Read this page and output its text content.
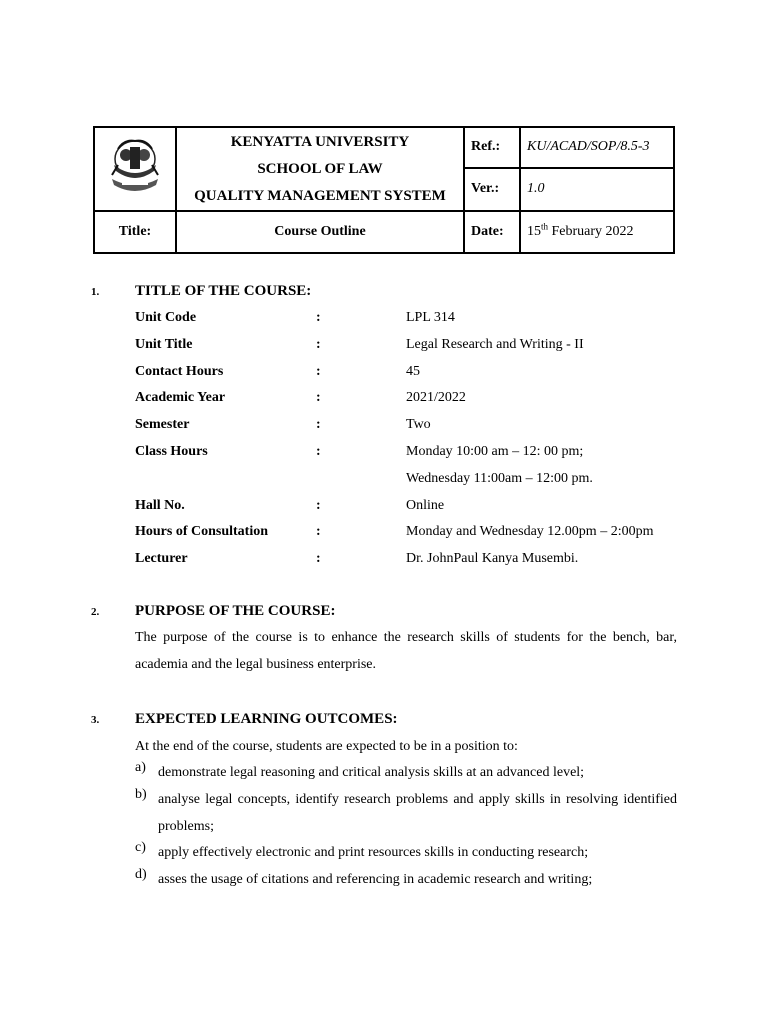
KENYATTA UNIVERSITY
SCHOOL OF LAW
QUALITY MANAGEMENT SYSTEM	Ref.:	KU/ACAD/SOP/8.5-3
		Ver.:	1.0
Title:	Course Outline	Date:	15th February 2022
1. TITLE OF THE COURSE:
Unit Code	:	LPL 314
Unit Title	:	Legal Research and Writing - II
Contact Hours	:	45
Academic Year	:	2021/2022
Semester	:	Two
Class Hours	:	Monday 10:00 am – 12: 00 pm;
Wednesday 11:00am – 12:00 pm.
Hall No.	:	Online
Hours of Consultation	:	Monday and Wednesday 12.00pm – 2:00pm
Lecturer	:	Dr. JohnPaul Kanya Musembi.
2. PURPOSE OF THE COURSE:
The purpose of the course is to enhance the research skills of students for the bench, bar, academia and the legal business enterprise.
3. EXPECTED LEARNING OUTCOMES:
At the end of the course, students are expected to be in a position to:
a) demonstrate legal reasoning and critical analysis skills at an advanced level;
b) analyse legal concepts, identify research problems and apply skills in resolving identified problems;
c) apply effectively electronic and print resources skills in conducting research;
d) asses the usage of citations and referencing in academic research and writing;
